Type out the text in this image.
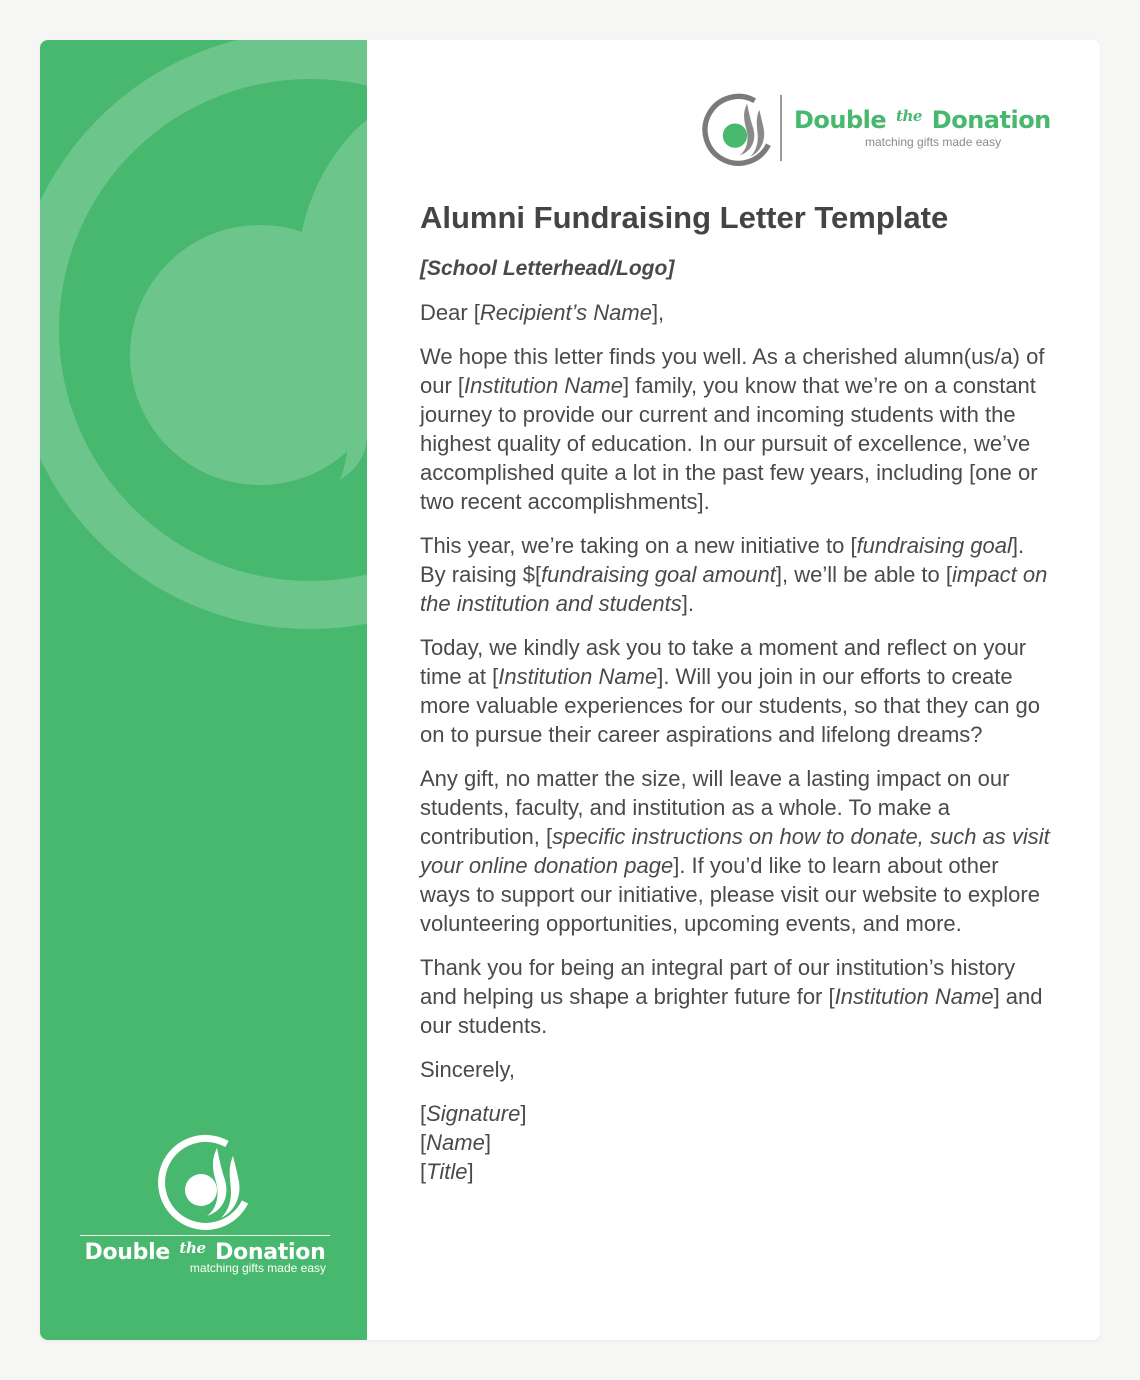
Double $^{the}$ Donation
matching gifts made easy
Double $^{the}$ Donation
matching gifts made easy
Alumni Fundraising Letter Template

[School Letterhead/Logo]

Dear [Recipient’s Name],

We hope this letter finds you well. As a cherished alumn(us/a) of our [Institution Name] family, you know that we’re on a constant journey to provide our current and incoming students with the highest quality of education. In our pursuit of excellence, we’ve accomplished quite a lot in the past few years, including [one or two recent accomplishments].

This year, we’re taking on a new initiative to [fundraising goal]. By raising $[fundraising goal amount], we’ll be able to [impact on the institution and students].

Today, we kindly ask you to take a moment and reflect on your time at [Institution Name]. Will you join in our efforts to create more valuable experiences for our students, so that they can go on to pursue their career aspirations and lifelong dreams?

Any gift, no matter the size, will leave a lasting impact on our students, faculty, and institution as a whole. To make a contribution, [specific instructions on how to donate, such as visit your online donation page]. If you’d like to learn about other ways to support our initiative, please visit our website to explore volunteering opportunities, upcoming events, and more.

Thank you for being an integral part of our institution’s history and helping us shape a brighter future for [Institution Name] and our students.

Sincerely,

[Signature]

[Name]

[Title]
